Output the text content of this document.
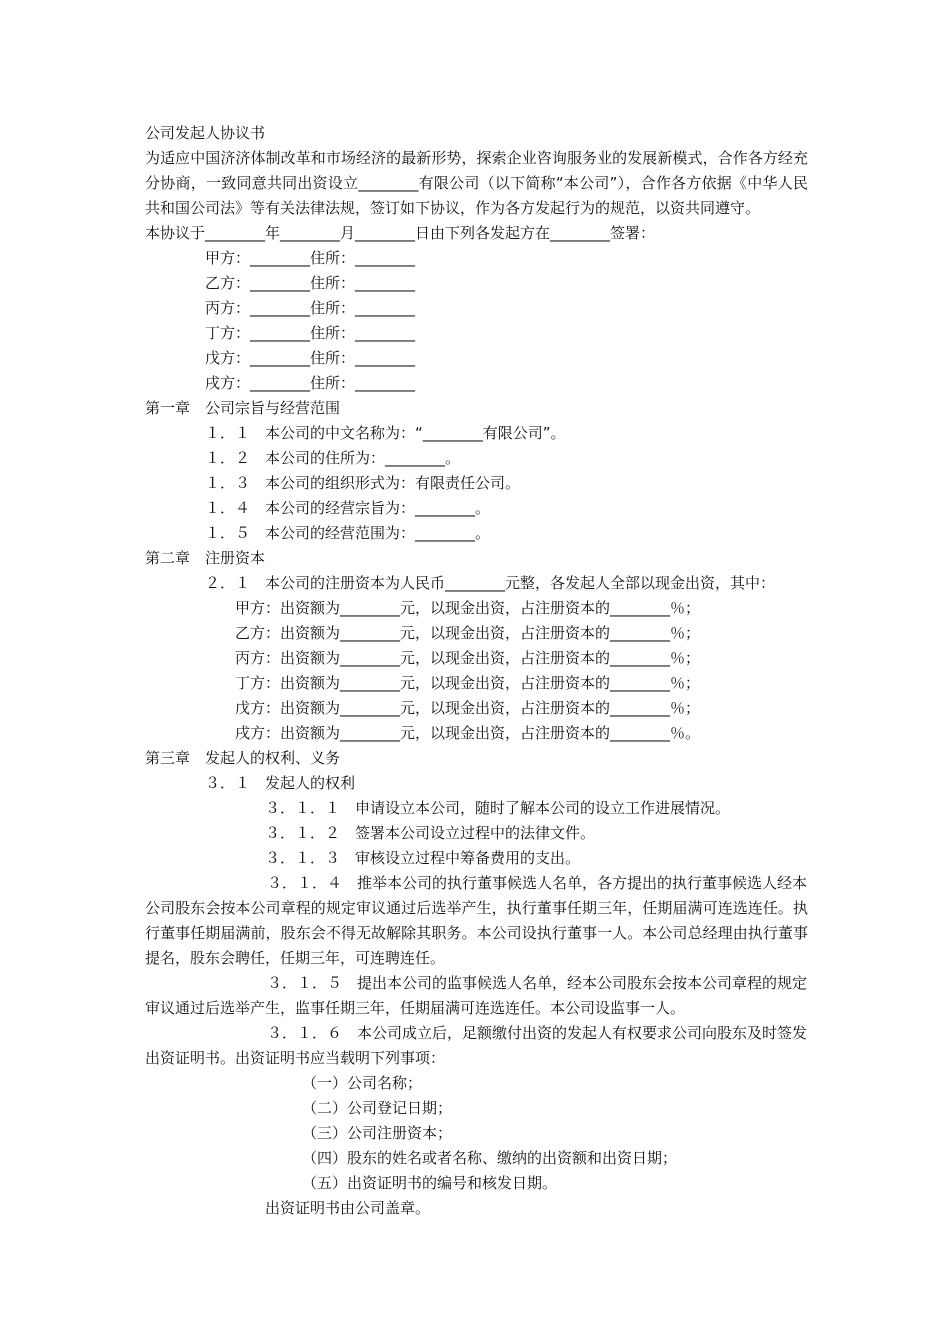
公司发起人协议书
为适应中国济济体制改革和市场经济的最新形势，探索企业咨询服务业的发展新模式，合作各方经充分协商，一致同意共同出资设立________有限公司（以下简称“本公司”），合作各方依据《中华人民共和国公司法》等有关法律法规，签订如下协议，作为各方发起行为的规范，以资共同遵守。
本协议于________年________月________日由下列各发起方在________签署：
甲方：________住所：________
乙方：________住所：________
丙方：________住所：________
丁方：________住所：________
戊方：________住所：________
戌方：________住所：________
第一章　公司宗旨与经营范围
１．１　本公司的中文名称为：“________有限公司”。
１．２　本公司的住所为：________。
１．３　本公司的组织形式为：有限责任公司。
１．４　本公司的经营宗旨为：________。
１．５　本公司的经营范围为：________。
第二章　注册资本
２．１　本公司的注册资本为人民币________元整，各发起人全部以现金出资，其中：
甲方：出资额为________元，以现金出资，占注册资本的________％；
乙方：出资额为________元，以现金出资，占注册资本的________％；
丙方：出资额为________元，以现金出资，占注册资本的________％；
丁方：出资额为________元，以现金出资，占注册资本的________％；
戊方：出资额为________元，以现金出资，占注册资本的________％；
戌方：出资额为________元，以现金出资，占注册资本的________％。
第三章　发起人的权利、义务
３．１　发起人的权利
３．１．１　申请设立本公司，随时了解本公司的设立工作进展情况。
３．１．２　签署本公司设立过程中的法律文件。
３．１．３　审核设立过程中筹备费用的支出。
３．１．４　推举本公司的执行董事候选人名单，各方提出的执行董事候选人经本
公司股东会按本公司章程的规定审议通过后选举产生，执行董事任期三年，任期届满可连选连任。执行董事任期届满前，股东会不得无故解除其职务。本公司设执行董事一人。本公司总经理由执行董事提名，股东会聘任，任期三年，可连聘连任。
３．１．５　提出本公司的监事候选人名单，经本公司股东会按本公司章程的规定
审议通过后选举产生，监事任期三年，任期届满可连选连任。本公司设监事一人。
３．１．６　本公司成立后，足额缴付出资的发起人有权要求公司向股东及时签发
出资证明书。出资证明书应当载明下列事项：
（一）公司名称；
（二）公司登记日期；
（三）公司注册资本；
（四）股东的姓名或者名称、缴纳的出资额和出资日期；
（五）出资证明书的编号和核发日期。
出资证明书由公司盖章。
